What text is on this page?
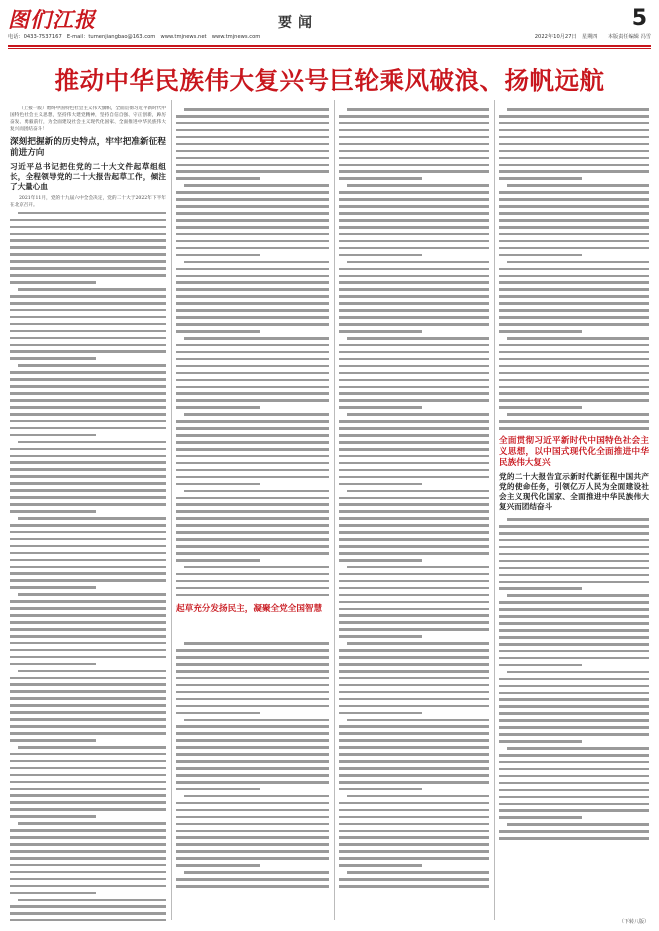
图们江报	要闻	5
电话：0433-7537167　E-mail：tumenjiangbao@163.com　www.tmjnews.net　www.tmjnews.com	2022年10月27日　星期四　　本版责任编辑 冯雪
推动中华民族伟大复兴号巨轮乘风破浪、扬帆远航

（上接一版）始终中国特色社会主义伟大旗帜，全面贯彻习近平新时代中国特色社会主义思想，坚持伟大建党精神，坚持自信自强、守正创新，踔厉奋发、勇毅前行，为全面建设社会主义现代化国家、全面推进中华民族伟大复兴而团结奋斗！

深刻把握新的历史特点，牢牢把准新征程前进方向
习近平总书记把住党的二十大文件起草组组长，全程领导党的二十大报告起草工作，倾注了大量心血

2021年11月，党的十九届六中全会决定，党的二十大于2022年下半年在北京召开。

起草充分发扬民主，凝聚全党全国智慧
全面贯彻习近平新时代中国特色社会主义思想，以中国式现代化全面推进中华民族伟大复兴
党的二十大报告宣示新时代新征程中国共产党的使命任务，引领亿万人民为全面建设社会主义现代化国家、全面推进中华民族伟大复兴而团结奋斗
（下转八版）
